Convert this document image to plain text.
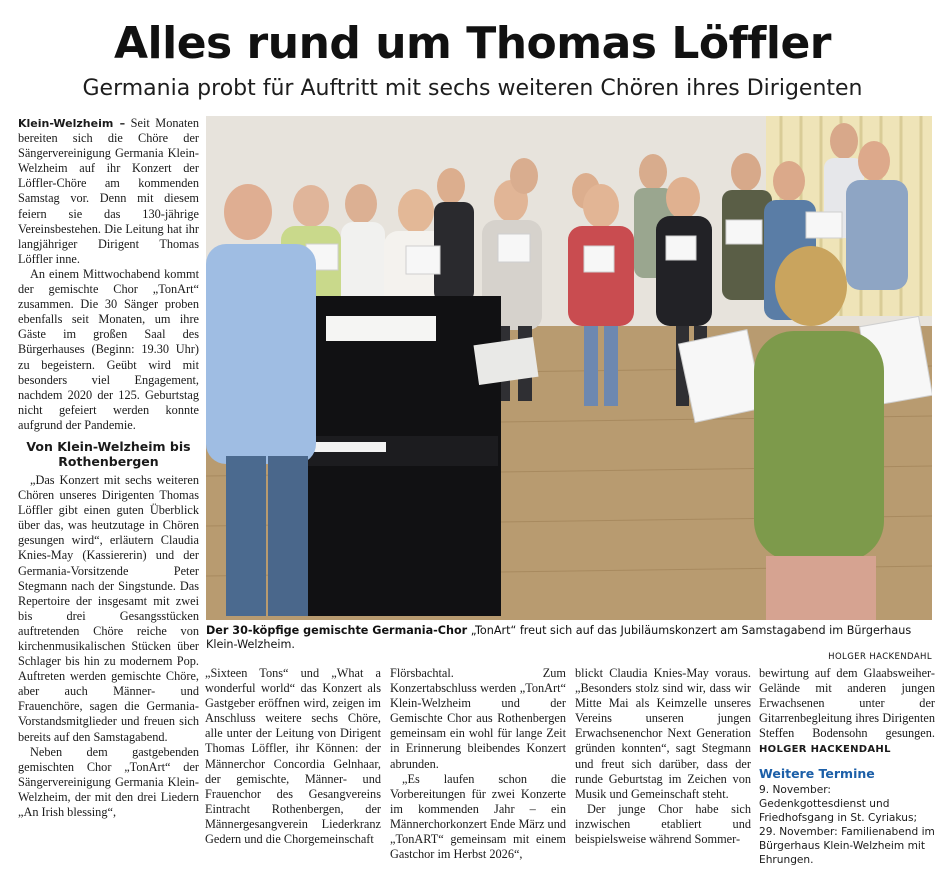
Alles rund um Thomas Löffler
Germania probt für Auftritt mit sechs weiteren Chören ihres Dirigenten

Klein-Welzheim – Seit Monaten bereiten sich die Chöre der Sängervereinigung Germania Klein-Welzheim auf ihr Konzert der Löffler-Chöre am kommenden Samstag vor. Denn mit diesem feiern sie das 130-jährige Vereinsbestehen. Die Leitung hat ihr langjähriger Dirigent Thomas Löffler inne.

An einem Mittwochabend kommt der gemischte Chor „TonArt“ zusammen. Die 30 Sänger proben ebenfalls seit Monaten, um ihre Gäste im großen Saal des Bürgerhauses (Beginn: 19.30 Uhr) zu begeistern. Geübt wird mit besonders viel Engagement, nachdem 2020 der 125. Geburtstag nicht gefeiert werden konnte aufgrund der Pandemie.

Von Klein-Welzheim bis Rothenbergen

„Das Konzert mit sechs weiteren Chören unseres Dirigenten Thomas Löffler gibt einen guten Überblick über das, was heutzutage in Chören gesungen wird“, erläutern Claudia Knies-May (Kassiererin) und der Germania-Vorsitzende Peter Stegmann nach der Singstunde. Das Repertoire der insgesamt mit zwei bis drei Gesangsstücken auftretenden Chöre reiche von kirchenmusikalischen Stücken über Schlager bis hin zu modernem Pop. Auftreten werden gemischte Chöre, aber auch Männer- und Frauenchöre, sagen die Germania-Vorstandsmitglieder und freuen sich bereits auf den Samstagabend.

Neben dem gastgebenden gemischten Chor „TonArt“ der Sängervereinigung Germania Klein-Welzheim, der mit den drei Liedern „An Irish blessing“,

Der 30-köpfige gemischte Germania-Chor „TonArt“ freut sich auf das Jubiläumskonzert am Samstagabend im Bürgerhaus Klein-Welzheim.
HOLGER HACKENDAHL

„Sixteen Tons“ und „What a wonderful world“ das Konzert als Gastgeber eröffnen wird, zeigen im Anschluss weitere sechs Chöre, alle unter der Leitung von Dirigent Thomas Löffler, ihr Können: der Männerchor Concordia Gelnhaar, der gemischte, Männer- und Frauenchor des Gesangvereins Eintracht Rothenbergen, der Männergesangverein Liederkranz Gedern und die Chorgemeinschaft

Flörsbachtal. Zum Konzertabschluss werden „TonArt“ Klein-Welzheim und der Gemischte Chor aus Rothenbergen gemeinsam ein wohl für lange Zeit in Erinnerung bleibendes Konzert abrunden.

„Es laufen schon die Vorbereitungen für zwei Konzerte im kommenden Jahr – ein Männerchorkonzert Ende März und „TonART“ gemeinsam mit einem Gastchor im Herbst 2026“,

blickt Claudia Knies-May voraus. „Besonders stolz sind wir, dass wir Mitte Mai als Keimzelle unseres Vereins unseren jungen Erwachsenenchor Next Generation gründen konnten“, sagt Stegmann und freut sich darüber, dass der runde Geburtstag im Zeichen von Musik und Gemeinschaft steht.

Der junge Chor habe sich inzwischen etabliert und beispielsweise während Sommer-

bewirtung auf dem Glaabsweiher-Gelände mit anderen jungen Erwachsenen unter der Gitarrenbegleitung ihres Dirigenten Steffen Bodensohn gesungen. HOLGER HACKENDAHL

Weitere Termine
9. November: Gedenkgottesdienst und Friedhofsgang in St. Cyriakus; 29. November: Familienabend im Bürgerhaus Klein-Welzheim mit Ehrungen.
